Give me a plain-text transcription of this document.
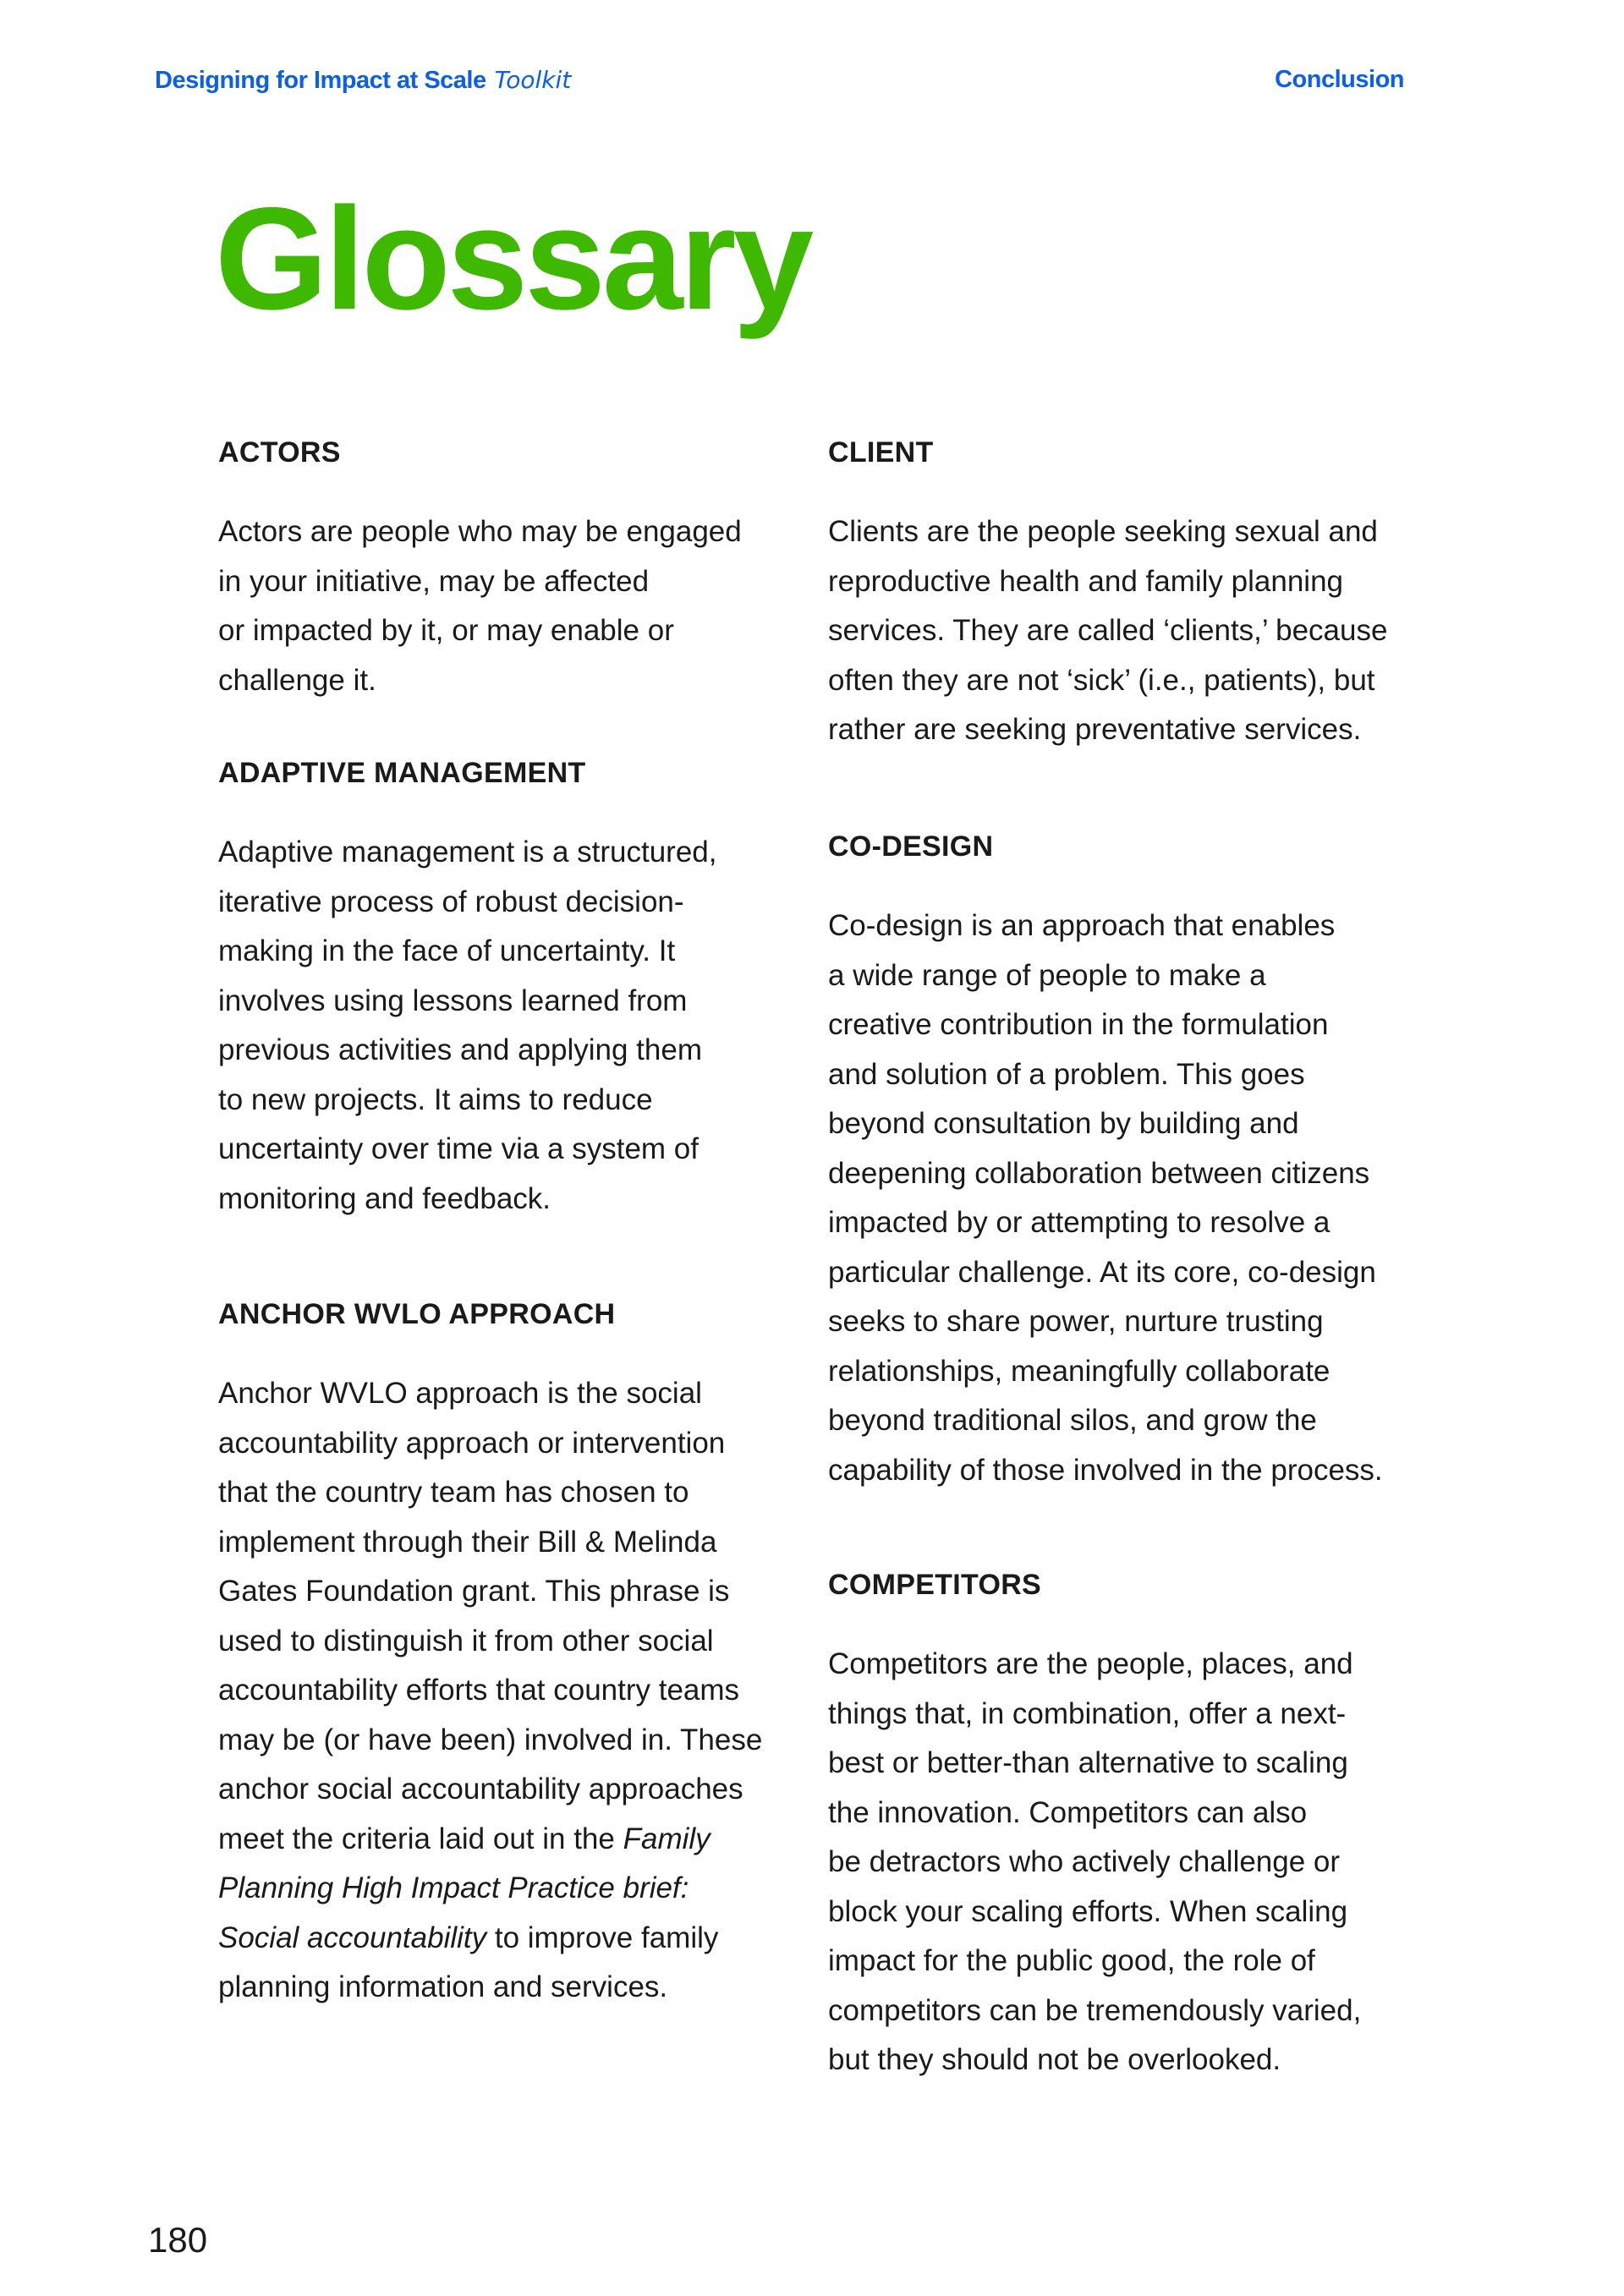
Designing for Impact at Scale Toolkit	Conclusion
Glossary
ACTORS
Actors are people who may be engaged
in your initiative, may be affected
or impacted by it, or may enable or
challenge it.
ADAPTIVE MANAGEMENT
Adaptive management is a structured,
iterative process of robust decision-
making in the face of uncertainty. It
involves using lessons learned from
previous activities and applying them
to new projects. It aims to reduce
uncertainty over time via a system of
monitoring and feedback.
ANCHOR WVLO APPROACH
Anchor WVLO approach is the social
accountability approach or intervention
that the country team has chosen to
implement through their Bill & Melinda
Gates Foundation grant. This phrase is
used to distinguish it from other social
accountability efforts that country teams
may be (or have been) involved in. These
anchor social accountability approaches
meet the criteria laid out in the Family
Planning High Impact Practice brief:
Social accountability to improve family
planning information and services.
CLIENT
Clients are the people seeking sexual and
reproductive health and family planning
services. They are called ‘clients,’ because
often they are not ‘sick’ (i.e., patients), but
rather are seeking preventative services.
CO-DESIGN
Co-design is an approach that enables
a wide range of people to make a
creative contribution in the formulation
and solution of a problem. This goes
beyond consultation by building and
deepening collaboration between citizens
impacted by or attempting to resolve a
particular challenge. At its core, co-design
seeks to share power, nurture trusting
relationships, meaningfully collaborate
beyond traditional silos, and grow the
capability of those involved in the process.
COMPETITORS
Competitors are the people, places, and
things that, in combination, offer a next-
best or better-than alternative to scaling
the innovation. Competitors can also
be detractors who actively challenge or
block your scaling efforts. When scaling
impact for the public good, the role of
competitors can be tremendously varied,
but they should not be overlooked.
180
